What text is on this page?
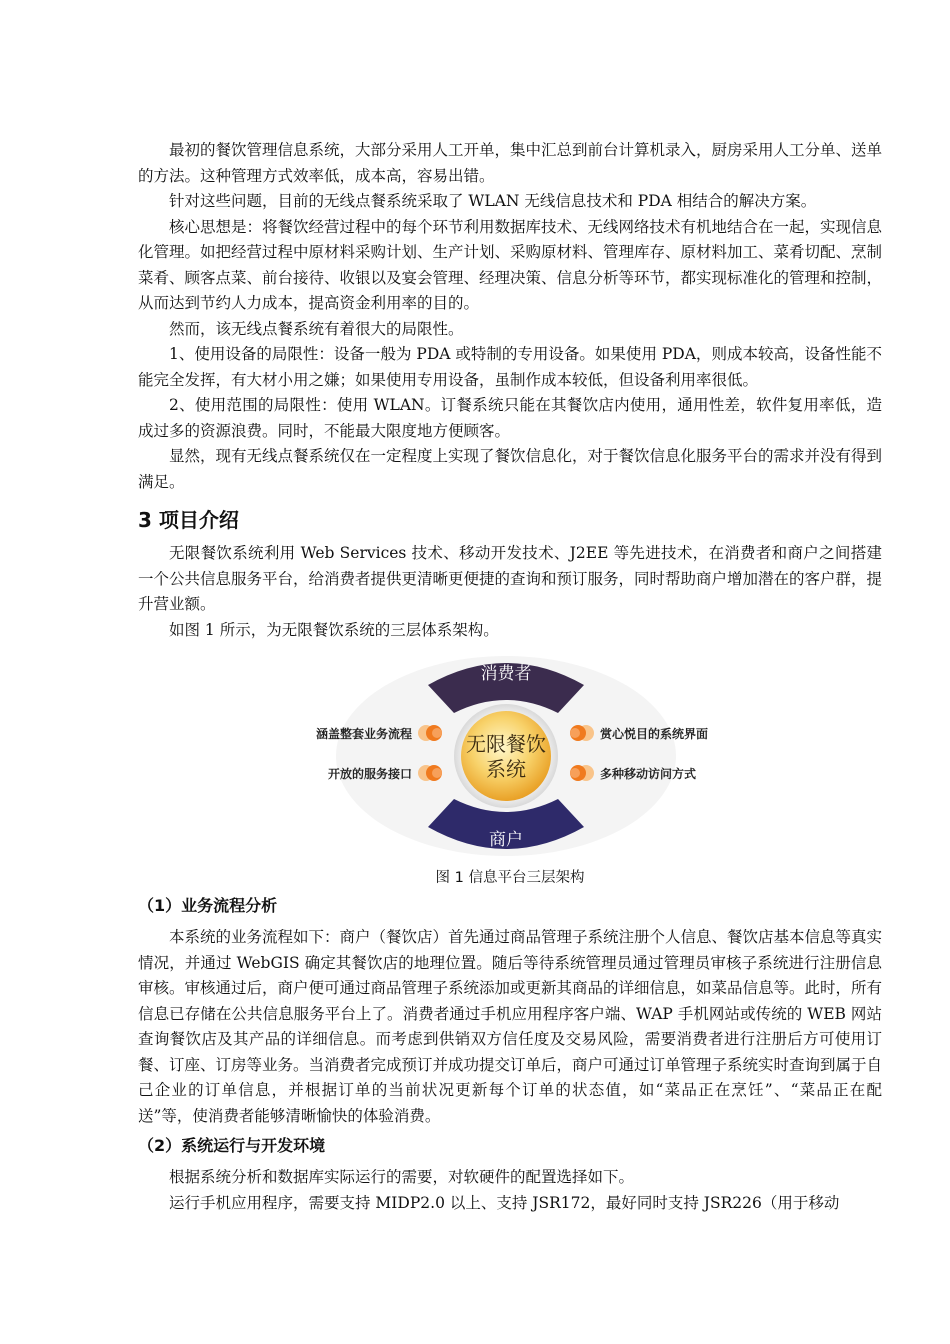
最初的餐饮管理信息系统，大部分采用人工开单，集中汇总到前台计算机录入，厨房采用人工分单、送单的方法。这种管理方式效率低，成本高，容易出错。

针对这些问题，目前的无线点餐系统采取了 WLAN 无线信息技术和 PDA 相结合的解决方案。

核心思想是：将餐饮经营过程中的每个环节利用数据库技术、无线网络技术有机地结合在一起，实现信息化管理。如把经营过程中原材料采购计划、生产计划、采购原材料、管理库存、原材料加工、菜肴切配、烹制菜肴、顾客点菜、前台接待、收银以及宴会管理、经理决策、信息分析等环节，都实现标准化的管理和控制，从而达到节约人力成本，提高资金利用率的目的。

然而，该无线点餐系统有着很大的局限性。

1、使用设备的局限性：设备一般为 PDA 或特制的专用设备。如果使用 PDA，则成本较高，设备性能不能完全发挥，有大材小用之嫌；如果使用专用设备，虽制作成本较低，但设备利用率很低。

2、使用范围的局限性：使用 WLAN。订餐系统只能在其餐饮店内使用，通用性差，软件复用率低，造成过多的资源浪费。同时，不能最大限度地方便顾客。

显然，现有无线点餐系统仅在一定程度上实现了餐饮信息化，对于餐饮信息化服务平台的需求并没有得到满足。

3 项目介绍

无限餐饮系统利用 Web Services 技术、移动开发技术、J2EE 等先进技术，在消费者和商户之间搭建一个公共信息服务平台，给消费者提供更清晰更便捷的查询和预订服务，同时帮助商户增加潜在的客户群，提升营业额。

如图 1 所示，为无限餐饮系统的三层体系架构。

消费者
商户
无限餐饮
系统
涵盖整套业务流程
开放的服务接口
赏心悦目的系统界面
多种移动访问方式
图 1 信息平台三层架构
（1）业务流程分析

本系统的业务流程如下：商户（餐饮店）首先通过商品管理子系统注册个人信息、餐饮店基本信息等真实情况，并通过 WebGIS 确定其餐饮店的地理位置。随后等待系统管理员通过管理员审核子系统进行注册信息审核。审核通过后，商户便可通过商品管理子系统添加或更新其商品的详细信息，如菜品信息等。此时，所有信息已存储在公共信息服务平台上了。消费者通过手机应用程序客户端、WAP 手机网站或传统的 WEB 网站查询餐饮店及其产品的详细信息。而考虑到供销双方信任度及交易风险，需要消费者进行注册后方可使用订餐、订座、订房等业务。当消费者完成预订并成功提交订单后，商户可通过订单管理子系统实时查询到属于自己企业的订单信息，并根据订单的当前状况更新每个订单的状态值，如“菜品正在烹饪”、“菜品正在配送”等，使消费者能够清晰愉快的体验消费。

（2）系统运行与开发环境

根据系统分析和数据库实际运行的需要，对软硬件的配置选择如下。

运行手机应用程序，需要支持 MIDP2.0 以上、支持 JSR172，最好同时支持 JSR226（用于移动
